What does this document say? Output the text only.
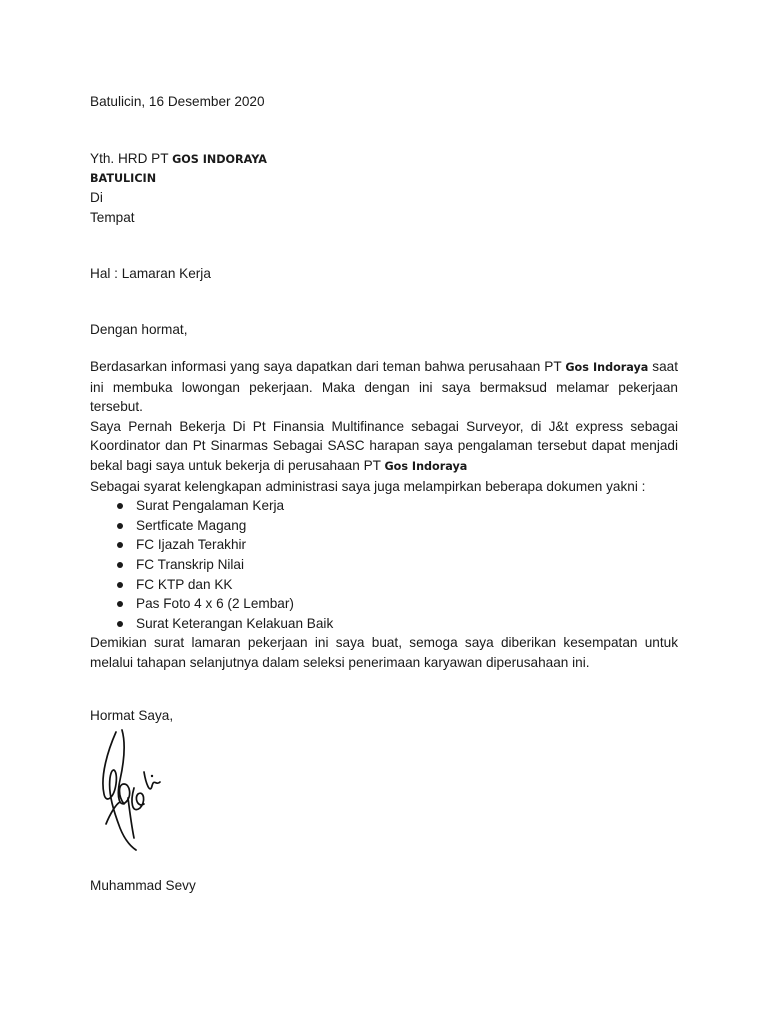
Batulicin, 16 Desember 2020
Yth. HRD PT GOS INDORAYA
BATULICIN
Di
Tempat
Hal : Lamaran Kerja
Dengan hormat,

Berdasarkan informasi yang saya dapatkan dari teman bahwa perusahaan PT Gos Indoraya saat ini membuka lowongan pekerjaan. Maka dengan ini saya bermaksud melamar pekerjaan tersebut.

Saya Pernah Bekerja Di Pt Finansia Multifinance sebagai Surveyor, di J&t express sebagai Koordinator dan Pt Sinarmas Sebagai SASC harapan saya pengalaman tersebut dapat menjadi bekal bagi saya untuk bekerja di perusahaan PT Gos Indoraya

Sebagai syarat kelengkapan administrasi saya juga melampirkan beberapa dokumen yakni :

Surat Pengalaman Kerja
Sertficate Magang
FC Ijazah Terakhir
FC Transkrip Nilai
FC KTP dan KK
Pas Foto 4 x 6 (2 Lembar)
Surat Keterangan Kelakuan Baik

Demikian surat lamaran pekerjaan ini saya buat, semoga saya diberikan kesempatan untuk melalui tahapan selanjutnya dalam seleksi penerimaan karyawan diperusahaan ini.

Hormat Saya,
Muhammad Sevy
